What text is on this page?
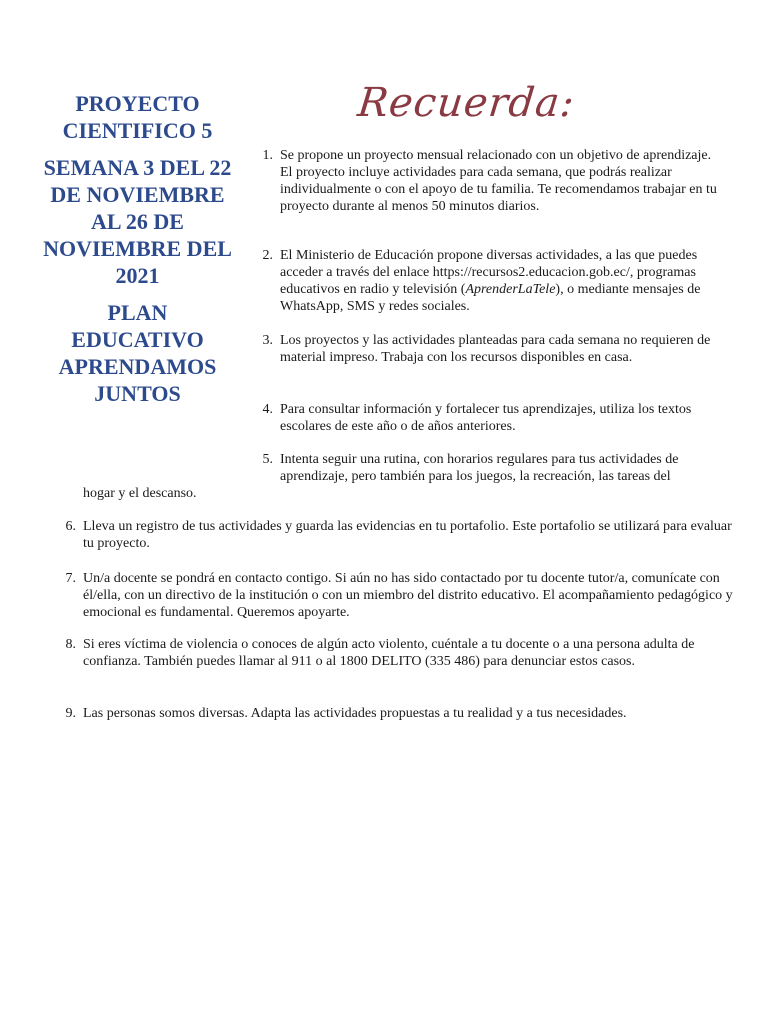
PROYECTO CIENTIFICO 5
SEMANA 3 DEL 22 DE NOVIEMBRE AL 26 DE NOVIEMBRE DEL 2021
PLAN EDUCATIVO APRENDAMOS JUNTOS
Recuerda:
1. Se propone un proyecto mensual relacionado con un objetivo de aprendizaje. El proyecto incluye actividades para cada semana, que podrás realizar individualmente o con el apoyo de tu familia. Te recomendamos trabajar en tu proyecto durante al menos 50 minutos diarios.
2. El Ministerio de Educación propone diversas actividades, a las que puedes acceder a través del enlace https://recursos2.educacion.gob.ec/, programas educativos en radio y televisión (AprenderLaTele), o mediante mensajes de WhatsApp, SMS y redes sociales.
3. Los proyectos y las actividades planteadas para cada semana no requieren de material impreso. Trabaja con los recursos disponibles en casa.
4. Para consultar información y fortalecer tus aprendizajes, utiliza los textos escolares de este año o de años anteriores.
5. Intenta seguir una rutina, con horarios regulares para tus actividades de aprendizaje, pero también para los juegos, la recreación, las tareas del
hogar y el descanso.
6. Lleva un registro de tus actividades y guarda las evidencias en tu portafolio. Este portafolio se utilizará para evaluar tu proyecto.
7. Un/a docente se pondrá en contacto contigo. Si aún no has sido contactado por tu docente tutor/a, comunícate con él/ella, con un directivo de la institución o con un miembro del distrito educativo. El acompañamiento pedagógico y emocional es fundamental. Queremos apoyarte.
8. Si eres víctima de violencia o conoces de algún acto violento, cuéntale a tu docente o a una persona adulta de confianza. También puedes llamar al 911 o al 1800 DELITO (335 486) para denunciar estos casos.
9. Las personas somos diversas. Adapta las actividades propuestas a tu realidad y a tus necesidades.
